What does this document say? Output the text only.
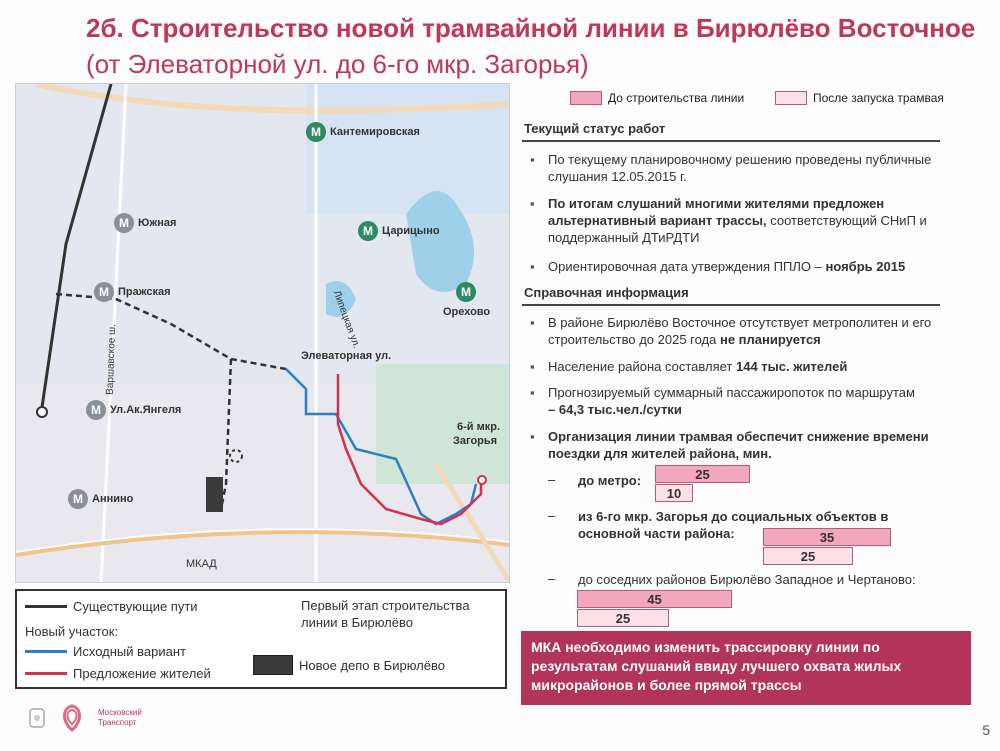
2б. Строительство новой трамвайной линии в Бирюлёво Восточное (от Элеваторной ул. до 6-го мкр. Загорья)
М Кантемировская
М Южная
М Царицыно
М Пражская	М
Орехово
М Ул.Ак.Янгеля
М Аннино
Элеваторная ул.
Липецкая ул.
Варшавское ш.
6-й мкр.
Загорья
МКАД
Существующие пути
Новый участок:
Исходный вариант
Предложение жителей
Первый этап строительства
линии в Бирюлёво
Новое депо в Бирюлёво
До строительства линии	После запуска трамвая
Текущий статус работ
▪ По текущему планировочному решению проведены публичные слушания 12.05.2015 г.
▪ По итогам слушаний многими жителями предложен альтернативный вариант трассы, соответствующий СНиП и поддержанный ДТиРДТИ
▪ Ориентировочная дата утверждения ППЛО – ноябрь 2015
Справочная информация
▪ В районе Бирюлёво Восточное отсутствует метрополитен и его строительство до 2025 года не планируется
▪ Население района составляет 144 тыс. жителей
▪ Прогнозируемый суммарный пассажиропоток по маршрутам
– 64,3 тыс.чел./сутки
▪ Организация линии трамвая обеспечит снижение времени поездки для жителей района, мин.
– до метро:	25
10
– из 6-го мкр. Загорья до социальных объектов в
основной части района:	35
25
– до соседних районов Бирюлёво Западное и Чертаново:
45
25
МКА необходимо изменить трассировку линии по результатам слушаний ввиду лучшего охвата жилых микрорайонов и более прямой трассы
Московский
Транспорт	5
